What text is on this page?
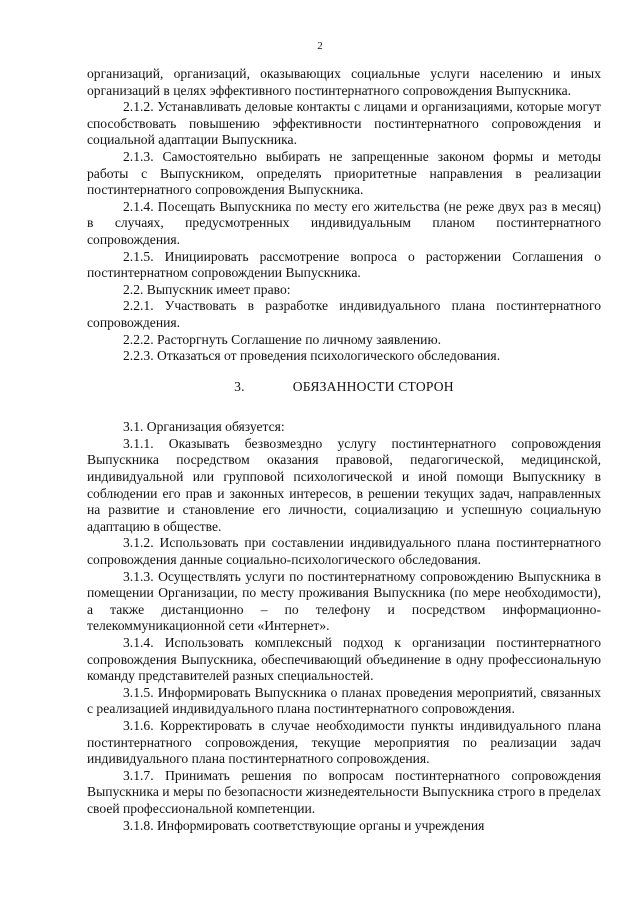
2

организаций, организаций, оказывающих социальные услуги населению и иных организаций в целях эффективного постинтернатного сопровождения Выпускника.

2.1.2. Устанавливать деловые контакты с лицами и организациями, которые могут способствовать повышению эффективности постинтернатного сопровождения и социальной адаптации Выпускника.

2.1.3. Самостоятельно выбирать не запрещенные законом формы и методы работы с Выпускником, определять приоритетные направления в реализации постинтернатного сопровождения Выпускника.

2.1.4. Посещать Выпускника по месту его жительства (не реже двух раз в месяц) в случаях, предусмотренных индивидуальным планом постинтернатного сопровождения.

2.1.5. Инициировать рассмотрение вопроса о расторжении Соглашения о постинтернатном сопровождении Выпускника.

2.2. Выпускник имеет право:

2.2.1. Участвовать в разработке индивидуального плана постинтернатного сопровождения.

2.2.2. Расторгнуть Соглашение по личному заявлению.

2.2.3. Отказаться от проведения психологического обследования.

3.	ОБЯЗАННОСТИ СТОРОН

3.1. Организация обязуется:

3.1.1. Оказывать безвозмездно услугу постинтернатного сопровождения Выпускника посредством оказания правовой, педагогической, медицинской, индивидуальной или групповой психологической и иной помощи Выпускнику в соблюдении его прав и законных интересов, в решении текущих задач, направленных на развитие и становление его личности, социализацию и успешную социальную адаптацию в обществе.

3.1.2. Использовать при составлении индивидуального плана постинтернатного сопровождения данные социально-психологического обследования.

3.1.3. Осуществлять услуги по постинтернатному сопровождению Выпускника в помещении Организации, по месту проживания Выпускника (по мере необходимости), а также дистанционно – по телефону и посредством информационно-телекоммуникационной сети «Интернет».

3.1.4. Использовать комплексный подход к организации постинтернатного сопровождения Выпускника, обеспечивающий объединение в одну профессиональную команду представителей разных специальностей.

3.1.5. Информировать Выпускника о планах проведения мероприятий, связанных с реализацией индивидуального плана постинтернатного сопровождения.

3.1.6. Корректировать в случае необходимости пункты индивидуального плана постинтернатного сопровождения, текущие мероприятия по реализации задач индивидуального плана постинтернатного сопровождения.

3.1.7. Принимать решения по вопросам постинтернатного сопровождения Выпускника и меры по безопасности жизнедеятельности Выпускника строго в пределах своей профессиональной компетенции.

3.1.8. Информировать соответствующие органы и учреждения
